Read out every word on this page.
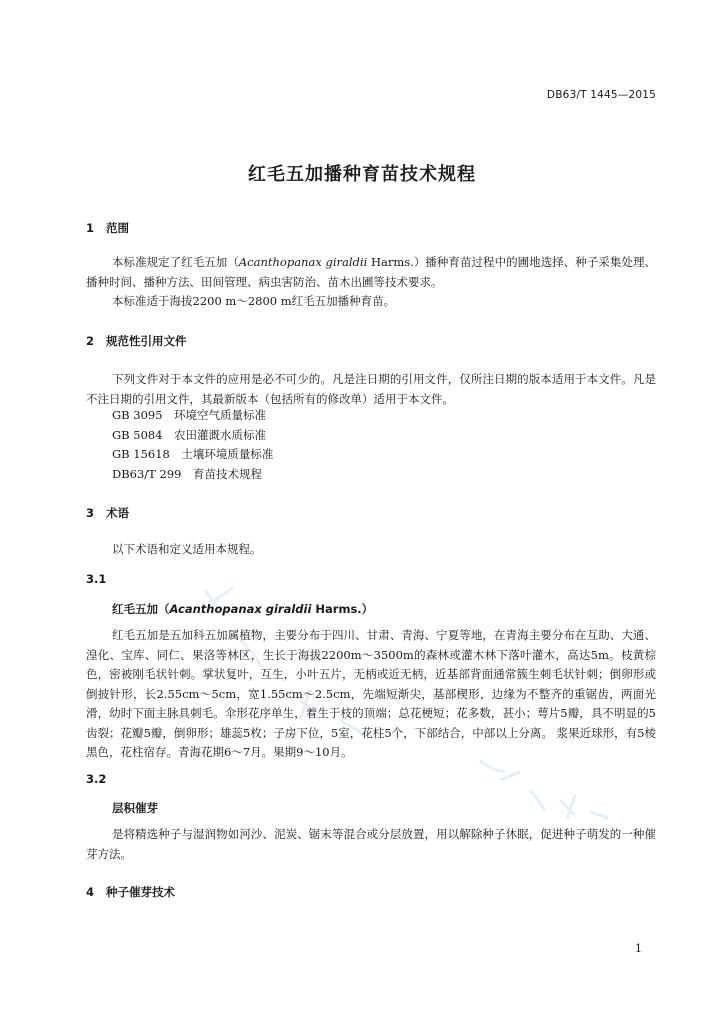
DB63/T 1445—2015
红毛五加播种育苗技术规程
1 范围
本标准规定了红毛五加（Acanthopanax giraldii Harms.）播种育苗过程中的圃地选择、种子采集处理、播种时间、播种方法、田间管理、病虫害防治、苗木出圃等技术要求。
本标准适于海拔2200 m～2800 m红毛五加播种育苗。
2 规范性引用文件
下列文件对于本文件的应用是必不可少的。凡是注日期的引用文件，仅所注日期的版本适用于本文件。凡是不注日期的引用文件，其最新版本（包括所有的修改单）适用于本文件。
GB 3095　环境空气质量标准
GB 5084　农田灌溉水质标准
GB 15618　土壤环境质量标准
DB63/T 299　育苗技术规程
3 术语
以下术语和定义适用本规程。
3.1
红毛五加（Acanthopanax giraldii Harms.）
红毛五加是五加科五加属植物，主要分布于四川、甘肃、青海、宁夏等地，在青海主要分布在互助、大通、湟化、宝库、同仁、果洛等林区，生长于海拔2200m～3500m的森林或灌木林下落叶灌木，高达5m。枝黄棕色，密被刚毛状针刺。掌状复叶，互生，小叶五片，无柄或近无柄，近基部背面通常簇生刺毛状针刺；倒卵形或倒披针形，长2.55cm～5cm，宽1.55cm～2.5cm，先端短渐尖，基部楔形，边缘为不整齐的重锯齿，两面光滑，幼时下面主脉具刺毛。伞形花序单生，着生于枝的顶端；总花梗短；花多数，甚小；萼片5瓣，具不明显的5齿裂；花瓣5瓣，倒卵形；雄蕊5枚；子房下位，5室，花柱5个，下部结合，中部以上分离。 浆果近球形，有5棱黑色，花柱宿存。青海花期6～7月。果期9～10月。
3.2
层积催芽
是将精选种子与湿润物如河沙、泥炭、锯末等混合或分层放置，用以解除种子休眠，促进种子萌发的一种催芽方法。
4 种子催芽技术
1
